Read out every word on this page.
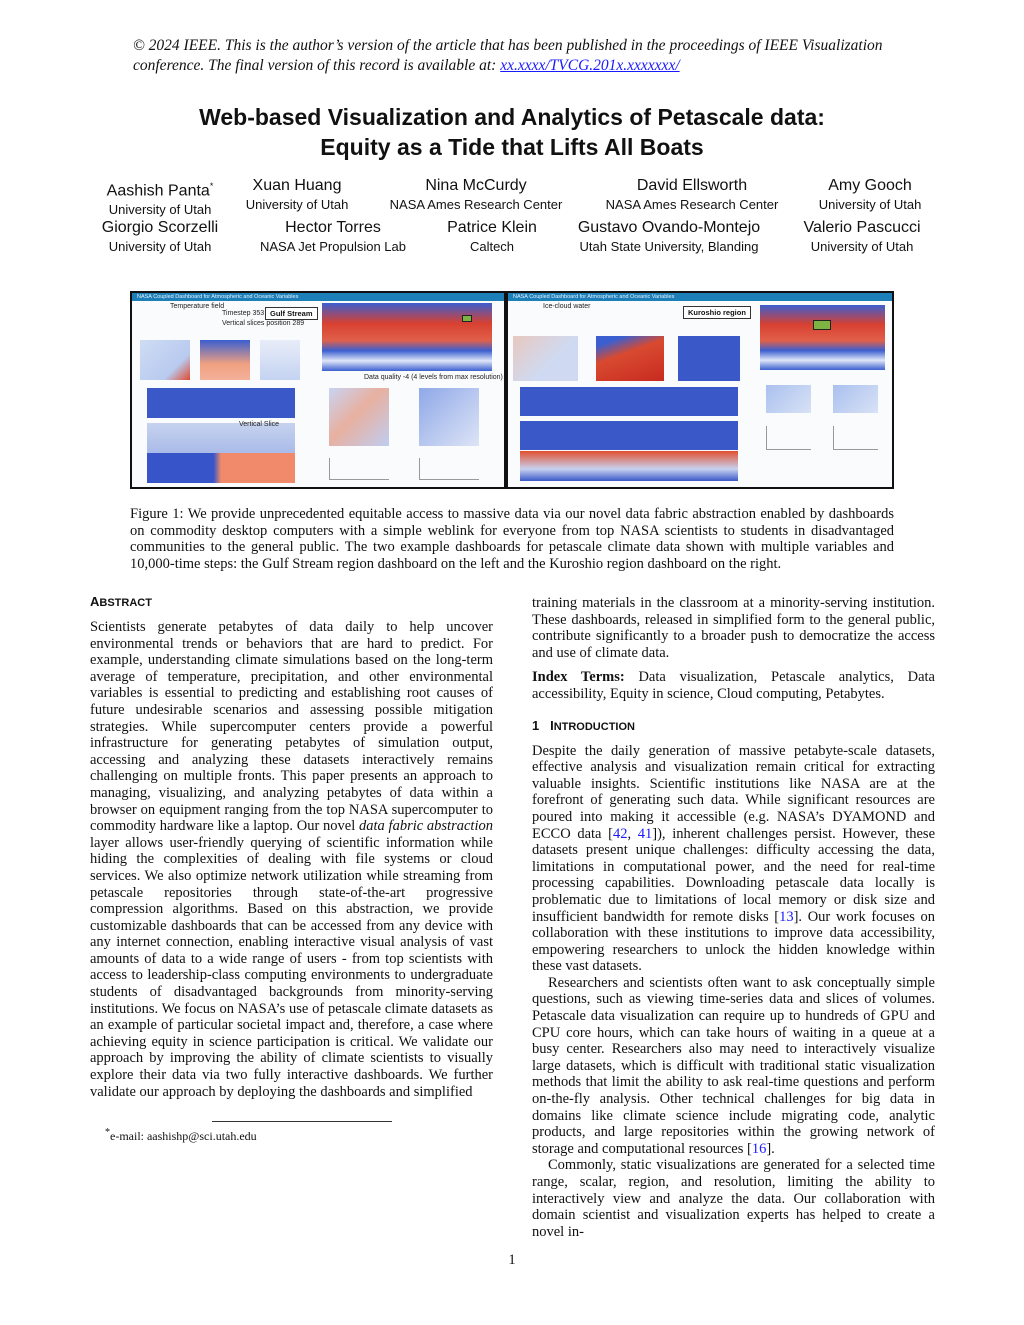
© 2024 IEEE. This is the author’s version of the article that has been published in the proceedings of IEEE Visualization conference. The final version of this record is available at: xx.xxxx/TVCG.201x.xxxxxxx/
Web-based Visualization and Analytics of Petascale data:
Equity as a Tide that Lifts All Boats
Aashish Panta*
University of Utah
Xuan Huang
University of Utah
Nina McCurdy
NASA Ames Research Center
David Ellsworth
NASA Ames Research Center
Amy Gooch
University of Utah
Giorgio Scorzelli
University of Utah
Hector Torres
NASA Jet Propulsion Lab
Patrice Klein
Caltech
Gustavo Ovando-Montejo
Utah State University, Blanding
Valerio Pascucci
University of Utah
NASA Coupled Dashboard for Atmospheric and Oceanic Variables
Temperature field
Timestep 353 Gulf Stream
Vertical slices position 289
Data quality -4 (4 levels from max resolution)
Vertical Slice
NASA Coupled Dashboard for Atmospheric and Oceanic Variables
Ice-cloud water
Kuroshio region
Figure 1: We provide unprecedented equitable access to massive data via our novel data fabric abstraction enabled by dashboards on commodity desktop computers with a simple weblink for everyone from top NASA scientists to students in disadvantaged communities to the general public. The two example dashboards for petascale climate data shown with multiple variables and 10,000-time steps: the Gulf Stream region dashboard on the left and the Kuroshio region dashboard on the right.
ABSTRACT

Scientists generate petabytes of data daily to help uncover environmental trends or behaviors that are hard to predict. For example, understanding climate simulations based on the long-term average of temperature, precipitation, and other environmental variables is essential to predicting and establishing root causes of future undesirable scenarios and assessing possible mitigation strategies. While supercomputer centers provide a powerful infrastructure for generating petabytes of simulation output, accessing and analyzing these datasets interactively remains challenging on multiple fronts. This paper presents an approach to managing, visualizing, and analyzing petabytes of data within a browser on equipment ranging from the top NASA supercomputer to commodity hardware like a laptop. Our novel data fabric abstraction layer allows user-friendly querying of scientific information while hiding the complexities of dealing with file systems or cloud services. We also optimize network utilization while streaming from petascale repositories through state-of-the-art progressive compression algorithms. Based on this abstraction, we provide customizable dashboards that can be accessed from any device with any internet connection, enabling interactive visual analysis of vast amounts of data to a wide range of users - from top scientists with access to leadership-class computing environments to undergraduate students of disadvantaged backgrounds from minority-serving institutions. We focus on NASA’s use of petascale climate datasets as an example of particular societal impact and, therefore, a case where achieving equity in science participation is critical. We validate our approach by improving the ability of climate scientists to visually explore their data via two fully interactive dashboards. We further validate our approach by deploying the dashboards and simplified

*e-mail: aashishp@sci.utah.edu

training materials in the classroom at a minority-serving institution. These dashboards, released in simplified form to the general public, contribute significantly to a broader push to democratize the access and use of climate data.

Index Terms: Data visualization, Petascale analytics, Data accessibility, Equity in science, Cloud computing, Petabytes.

1 INTRODUCTION

Despite the daily generation of massive petabyte-scale datasets, effective analysis and visualization remain critical for extracting valuable insights. Scientific institutions like NASA are at the forefront of generating such data. While significant resources are poured into making it accessible (e.g. NASA’s DYAMOND and ECCO data [42, 41]), inherent challenges persist. However, these datasets present unique challenges: difficulty accessing the data, limitations in computational power, and the need for real-time processing capabilities. Downloading petascale data locally is problematic due to limitations of local memory or disk size and insufficient bandwidth for remote disks [13]. Our work focuses on collaboration with these institutions to improve data accessibility, empowering researchers to unlock the hidden knowledge within these vast datasets.

Researchers and scientists often want to ask conceptually simple questions, such as viewing time-series data and slices of volumes. Petascale data visualization can require up to hundreds of GPU and CPU core hours, which can take hours of waiting in a queue at a busy center. Researchers also may need to interactively visualize large datasets, which is difficult with traditional static visualization methods that limit the ability to ask real-time questions and perform on-the-fly analysis. Other technical challenges for big data in domains like climate science include migrating code, analytic products, and large repositories within the growing network of storage and computational resources [16].

Commonly, static visualizations are generated for a selected time range, scalar, region, and resolution, limiting the ability to interactively view and analyze the data. Our collaboration with domain scientist and visualization experts has helped to create a novel in-

1
